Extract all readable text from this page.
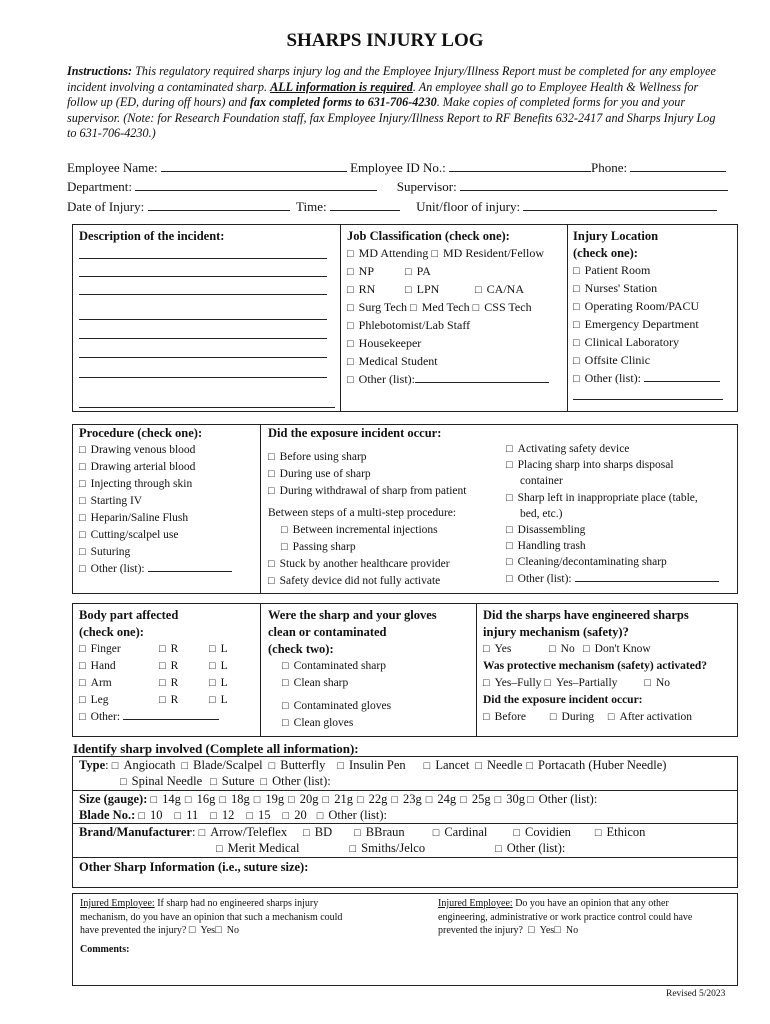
SHARPS INJURY LOG
Instructions: This regulatory required sharps injury log and the Employee Injury/Illness Report must be completed for any employee incident involving a contaminated sharp. ALL information is required. An employee shall go to Employee Health & Wellness for follow up (ED, during off hours) and fax completed forms to 631-706-4230. Make copies of completed forms for you and your supervisor. (Note: for Research Foundation staff, fax Employee Injury/Illness Report to RF Benefits 632-2417 and Sharps Injury Log to 631-706-4230.)
Employee Name:	Employee ID No.:	Phone:
Department:	Supervisor:
Date of Injury:	Time:	Unit/floor of injury:
Description of the incident:	Job Classification (check one):
□ MD Attending □ MD Resident/Fellow
□ NP	□ PA
□ RN	□ LPN	□ CA/NA
□ Surg Tech □ Med Tech □ CSS Tech
□ Phlebotomist/Lab Staff
□ Housekeeper
□ Medical Student
□ Other (list):
Injury Location
(check one):
□ Patient Room
□ Nurses' Station
□ Operating Room/PACU
□ Emergency Department
□ Clinical Laboratory
□ Offsite Clinic
□ Other (list):
Procedure (check one):
□ Drawing venous blood
□ Drawing arterial blood
□ Injecting through skin
□ Starting IV
□ Heparin/Saline Flush
□ Cutting/scalpel use
□ Suturing
□ Other (list):
Did the exposure incident occur:
□ Before using sharp
□ During use of sharp
□ During withdrawal of sharp from patient
Between steps of a multi-step procedure:
□ Between incremental injections
□ Passing sharp
□ Stuck by another healthcare provider
□ Safety device did not fully activate
□ Activating safety device
□ Placing sharp into sharps disposal
container
□ Sharp left in inappropriate place (table,
bed, etc.)
□ Disassembling
□ Handling trash
□ Cleaning/decontaminating sharp
□ Other (list):
Body part affected
(check one):
□ Finger	□ R	□ L
□ Hand	□ R	□ L
□ Arm	□ R	□ L
□ Leg	□ R	□ L
□ Other:
Were the sharp and your gloves
clean or contaminated
(check two):
□ Contaminated sharp
□ Clean sharp
□ Contaminated gloves
□ Clean gloves
Did the sharps have engineered sharps
injury mechanism (safety)?
□ Yes	□ No □ Don't Know
Was protective mechanism (safety) activated?
□ Yes–Fully □ Yes–Partially	□ No
Did the exposure incident occur:
□ Before	□ During □ After activation
Identify sharp involved (Complete all information):
Type: □ Angiocath □ Blade/Scalpel □ Butterfly □ Insulin Pen □ Lancet □ Needle □ Portacath (Huber Needle)
□ Spinal Needle □ Suture □ Other (list):
Size (gauge): □ 14g □ 16g □ 18g □ 19g □ 20g □ 21g □ 22g □ 23g □ 24g □ 25g □ 30g □ Other (list):
Blade No.: □ 10 □ 11 □ 12 □ 15 □ 20 □ Other (list):
Brand/Manufacturer: □ Arrow/Teleflex □ BD	□ BBraun	□ Cardinal	□ Covidien	□ Ethicon
□ Merit Medical	□ Smiths/Jelco	□ Other (list):
Other Sharp Information (i.e., suture size):
Injured Employee: If sharp had no engineered sharps injury mechanism, do you have an opinion that such a mechanism could have prevented the injury? □ Yes □ No
Injured Employee: Do you have an opinion that any other engineering, administrative or work practice control could have prevented the injury? □ Yes □ No
Comments:
Revised 5/2023
